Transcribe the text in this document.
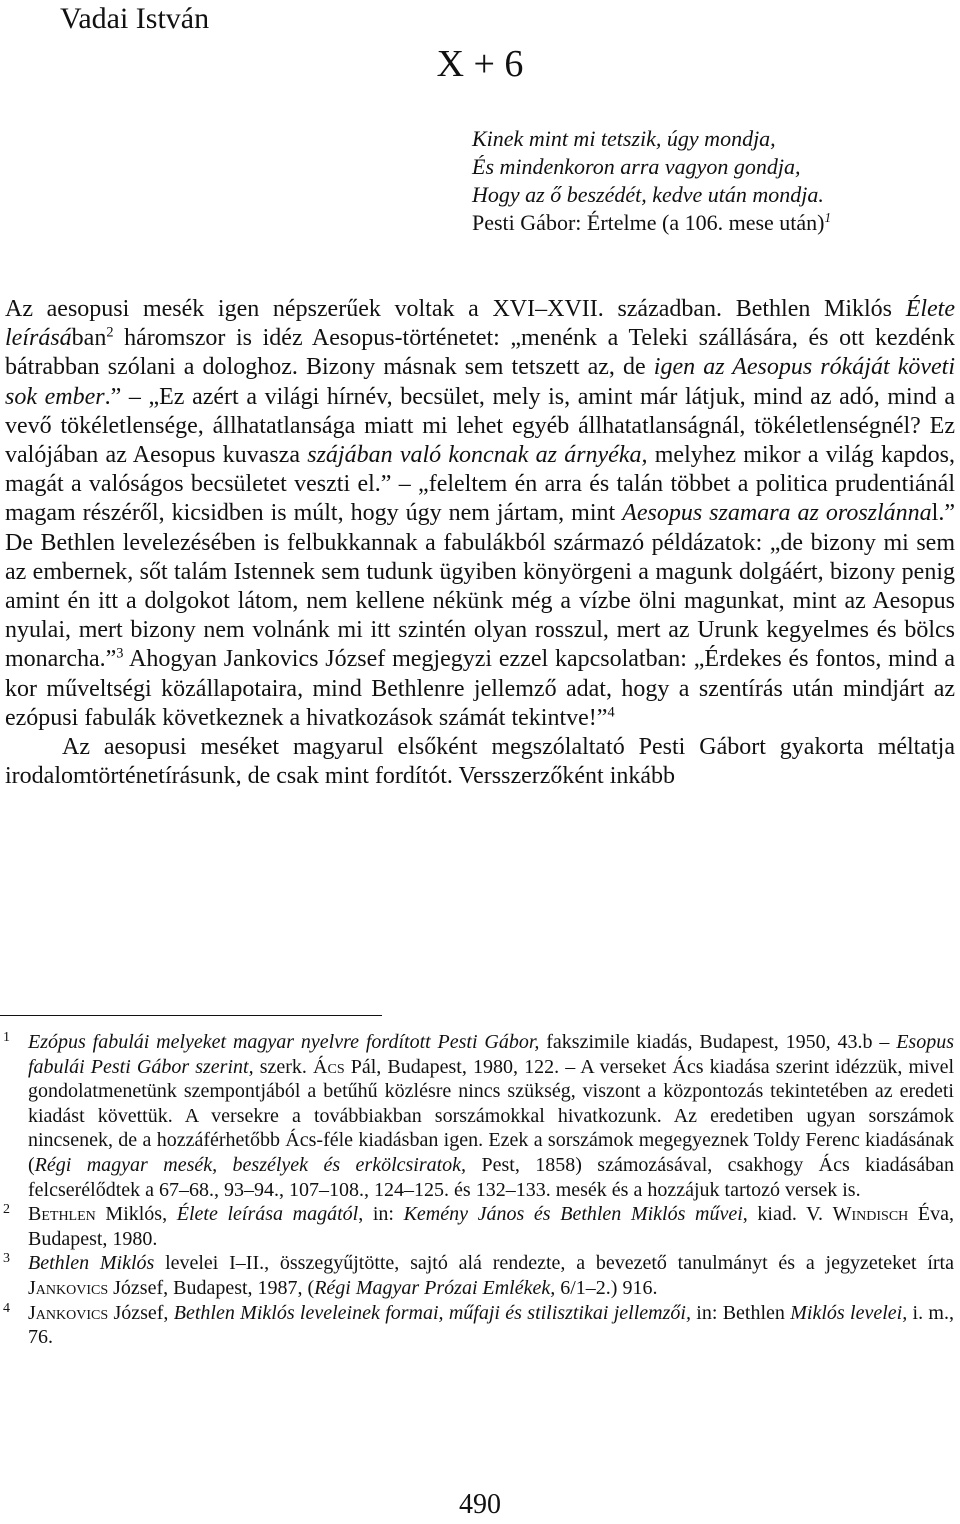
Vadai István
X + 6
Kinek mint mi tetszik, úgy mondja,
És mindenkoron arra vagyon gondja,
Hogy az ő beszédét, kedve után mondja.
Pesti Gábor: Értelme (a 106. mese után)$^1$

Az aesopusi mesék igen népszerűek voltak a XVI–XVII. században. Bethlen Miklós Élete leírásában$^2$ háromszor is idéz Aesopus-történetet: „menénk a Teleki szállására, és ott kezdénk bátrabban szólani a dologhoz. Bizony másnak sem tetszett az, de igen az Aesopus rókáját követi sok ember.” – „Ez azért a világi hírnév, becsület, mely is, amint már látjuk, mind az adó, mind a vevő tökéletlensége, állhatatlansága miatt mi lehet egyéb állhatatlanságnál, tökéletlenségnél? Ez valójában az Aesopus kuvasza szájában való koncnak az árnyéka, melyhez mikor a világ kapdos, magát a valóságos becsületet veszti el.” – „feleltem én arra és talán többet a politica prudentiánál magam részéről, kicsidben is múlt, hogy úgy nem jártam, mint Aesopus szamara az oroszlánnal.” De Bethlen levelezésében is felbukkannak a fabulákból származó példázatok: „de bizony mi sem az embernek, sőt talám Istennek sem tudunk ügyiben könyörgeni a magunk dolgáért, bizony penig amint én itt a dolgokot látom, nem kellene nékünk még a vízbe ölni magunkat, mint az Aesopus nyulai, mert bizony nem volnánk mi itt szintén olyan rosszul, mert az Urunk kegyelmes és bölcs monarcha.”$^3$ Ahogyan Jankovics József megjegyzi ezzel kapcsolatban: „Érdekes és fontos, mind a kor műveltségi közállapotaira, mind Bethlenre jellemző adat, hogy a szentírás után mindjárt az ezópusi fabulák következnek a hivatkozások számát tekintve!”$^4$

Az aesopusi meséket magyarul elsőként megszólaltató Pesti Gábort gyakorta méltatja irodalomtörténetírásunk, de csak mint fordítót. Versszerzőként inkább

1 Ezópus fabulái melyeket magyar nyelvre fordított Pesti Gábor, fakszimile kiadás, Budapest, 1950, 43.b – Esopus fabulái Pesti Gábor szerint, szerk. Ács Pál, Budapest, 1980, 122. – A verseket Ács kiadása szerint idézzük, mivel gondolatmenetünk szempontjából a betűhű közlésre nincs szükség, viszont a központozás tekintetében az eredeti kiadást követtük. A versekre a továbbiakban sorszámokkal hivatkozunk. Az eredetiben ugyan sorszámok nincsenek, de a hozzáférhetőbb Ács-féle kiadásban igen. Ezek a sorszámok megegyeznek Toldy Ferenc kiadásának (Régi magyar mesék, beszélyek és erkölcsiratok, Pest, 1858) számozásával, csakhogy Ács kiadásában felcserélődtek a 67–68., 93–94., 107–108., 124–125. és 132–133. mesék és a hozzájuk tartozó versek is.

2 Bethlen Miklós, Élete leírása magától, in: Kemény János és Bethlen Miklós művei, kiad. V. Windisch Éva, Budapest, 1980.

3 Bethlen Miklós levelei I–II., összegyűjtötte, sajtó alá rendezte, a bevezető tanulmányt és a jegyzeteket írta Jankovics József, Budapest, 1987, (Régi Magyar Prózai Emlékek, 6/1–2.) 916.

4 Jankovics József, Bethlen Miklós leveleinek formai, műfaji és stilisztikai jellemzői, in: Bethlen Miklós levelei, i. m., 76.

490
